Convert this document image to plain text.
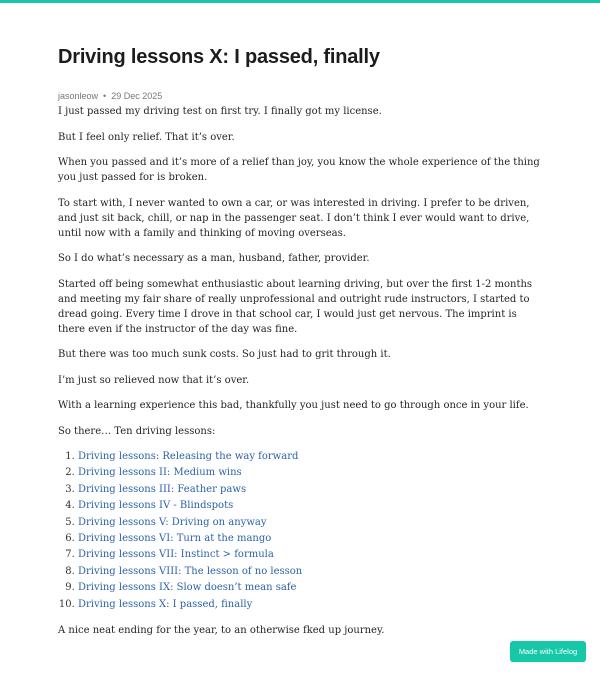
Driving lessons X: I passed, finally
jasonleow • 29 Dec 2025

I just passed my driving test on first try. I finally got my license.

But I feel only relief. That it’s over.

When you passed and it’s more of a relief than joy, you know the whole experience of the thing you just passed for is broken.

To start with, I never wanted to own a car, or was interested in driving. I prefer to be driven, and just sit back, chill, or nap in the passenger seat. I don’t think I ever would want to drive, until now with a family and thinking of moving overseas.

So I do what’s necessary as a man, husband, father, provider.

Started off being somewhat enthusiastic about learning driving, but over the first 1-2 months and meeting my fair share of really unprofessional and outright rude instructors, I started to dread going. Every time I drove in that school car, I would just get nervous. The imprint is there even if the instructor of the day was fine.

But there was too much sunk costs. So just had to grit through it.

I’m just so relieved now that it’s over.

With a learning experience this bad, thankfully you just need to go through once in your life.

So there… Ten driving lessons:

1. Driving lessons: Releasing the way forward
2. Driving lessons II: Medium wins
3. Driving lessons III: Feather paws
4. Driving lessons IV - Blindspots
5. Driving lessons V: Driving on anyway
6. Driving lessons VI: Turn at the mango
7. Driving lessons VII: Instinct > formula
8. Driving lessons VIII: The lesson of no lesson
9. Driving lessons IX: Slow doesn’t mean safe
10. Driving lessons X: I passed, finally

A nice neat ending for the year, to an otherwise fked up journey.

Made with Lifelog
